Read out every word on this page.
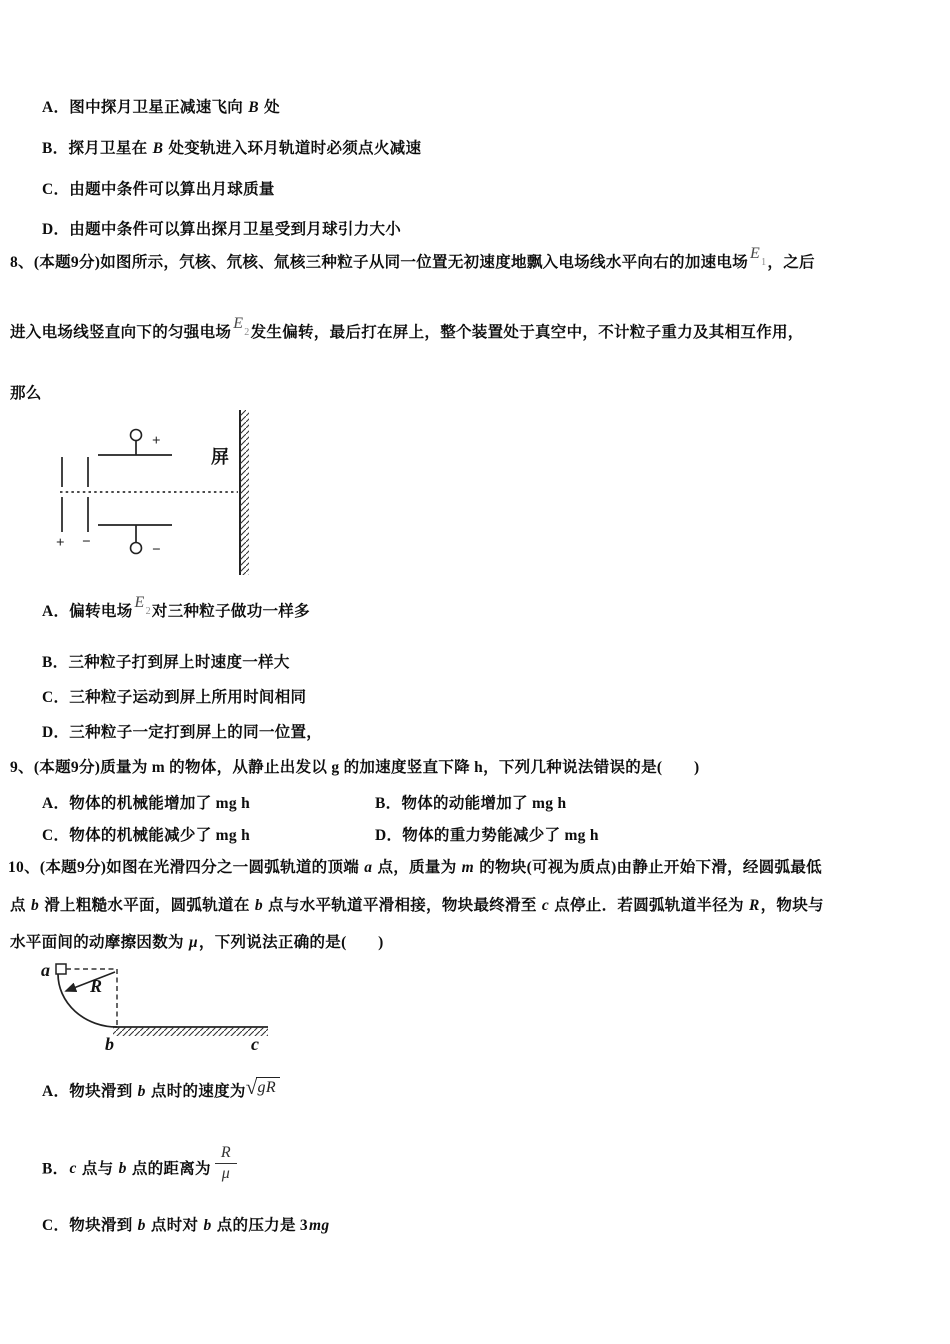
A．图中探月卫星正减速飞向 B 处
B．探月卫星在 B 处变轨进入环月轨道时必须点火减速
C．由题中条件可以算出月球质量
D．由题中条件可以算出探月卫星受到月球引力大小
8、(本题9分)如图所示，氕核、氘核、氚核三种粒子从同一位置无初速度地飘入电场线水平向右的加速电场$E_1$，之后
进入电场线竖直向下的匀强电场$E_2$发生偏转，最后打在屏上，整个装置处于真空中，不计粒子重力及其相互作用，
那么
+ −
+
−
屏
A．偏转电场$E_2$对三种粒子做功一样多
B．三种粒子打到屏上时速度一样大
C．三种粒子运动到屏上所用时间相同
D．三种粒子一定打到屏上的同一位置，
9、(本题9分)质量为 m 的物体，从静止出发以 g 的加速度竖直下降 h，下列几种说法错误的是(　　)
A．物体的机械能增加了 mg h	B．物体的动能增加了 mg h
C．物体的机械能减少了 mg h	D．物体的重力势能减少了 mg h
10、(本题9分)如图在光滑四分之一圆弧轨道的顶端 a 点，质量为 m 的物块(可视为质点)由静止开始下滑，经圆弧最低
点 b 滑上粗糙水平面，圆弧轨道在 b 点与水平轨道平滑相接，物块最终滑至 c 点停止．若圆弧轨道半径为 R，物块与
水平面间的动摩擦因数为 μ，下列说法正确的是(　　)
a
R
b	c
A．物块滑到 b 点时的速度为√gR
B．c 点与 b 点的距离为 $\frac{R}{\mu}$
C．物块滑到 b 点时对 b 点的压力是 3mg
